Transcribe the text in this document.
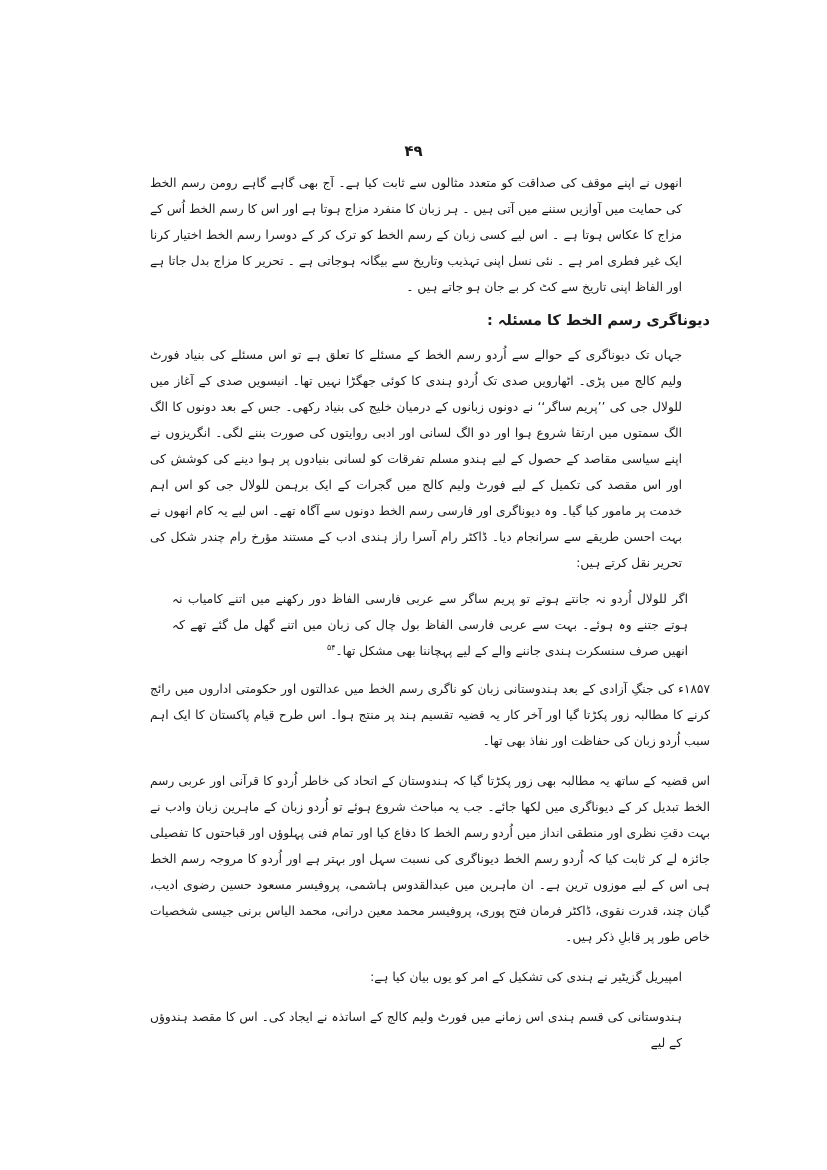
۴۹

انھوں نے اپنے موقف کی صداقت کو متعدد مثالوں سے ثابت کیا ہے۔ آج بھی گاہے گاہے رومن رسم الخط کی حمایت میں آوازیں سننے میں آتی ہیں ۔ ہر زبان کا منفرد مزاج ہوتا ہے اور اس کا رسم الخط اُس کے مزاج کا عکاس ہوتا ہے ۔ اس لیے کسی زبان کے رسم الخط کو ترک کر کے دوسرا رسم الخط اختیار کرنا ایک غیر فطری امر ہے ۔ نئی نسل اپنی تہذیب وتاریخ سے بیگانہ ہوجاتی ہے ۔ تحریر کا مزاج بدل جاتا ہے اور الفاظ اپنی تاریخ سے کٹ کر بے جان ہو جاتے ہیں ۔

دیوناگری رسم الخط کا مسئلہ :

جہاں تک دیوناگری کے حوالے سے اُردو رسم الخط کے مسئلے کا تعلق ہے تو اس مسئلے کی بنیاد فورٹ ولیم کالج میں پڑی۔ اٹھارویں صدی تک اُردو ہندی کا کوئی جھگڑا نہیں تھا۔ انیسویں صدی کے آغاز میں للولال جی کی ’’پریم ساگر‘‘ نے دونوں زبانوں کے درمیان خلیج کی بنیاد رکھی۔ جس کے بعد دونوں کا الگ الگ سمتوں میں ارتقا شروع ہوا اور دو الگ لسانی اور ادبی روایتوں کی صورت بننے لگی۔ انگریزوں نے اپنے سیاسی مقاصد کے حصول کے لیے ہندو مسلم تفرقات کو لسانی بنیادوں پر ہوا دینے کی کوشش کی اور اس مقصد کی تکمیل کے لیے فورٹ ولیم کالج میں گجرات کے ایک برہمن للولال جی کو اس اہم خدمت پر مامور کیا گیا۔ وہ دیوناگری اور فارسی رسم الخط دونوں سے آگاہ تھے۔ اس لیے یہ کام انھوں نے بہت احسن طریقے سے سرانجام دیا۔ ڈاکٹر رام آسرا راز ہندی ادب کے مستند مؤرخ رام چندر شکل کی تحریر نقل کرتے ہیں:

اگر للولال اُردو نہ جانتے ہوتے تو پریم ساگر سے عربی فارسی الفاظ دور رکھنے میں اتنے کامیاب نہ ہوتے جتنے وہ ہوئے۔ بہت سے عربی فارسی الفاظ بول چال کی زبان میں اتنے گھل مل گئے تھے کہ انھیں صرف سنسکرت ہندی جاننے والے کے لیے پہچاننا بھی مشکل تھا۔$^{۵۴}$

۱۸۵۷ء کی جنگِ آزادی کے بعد ہندوستانی زبان کو ناگری رسم الخط میں عدالتوں اور حکومتی اداروں میں رائج کرنے کا مطالبہ زور پکڑتا گیا اور آخر کار یہ قضیہ تقسیم ہند پر منتج ہوا۔ اس طرح قیام پاکستان کا ایک اہم سبب اُردو زبان کی حفاظت اور نفاذ بھی تھا۔

اس قضیہ کے ساتھ یہ مطالبہ بھی زور پکڑتا گیا کہ ہندوستان کے اتحاد کی خاطر اُردو کا قرآنی اور عربی رسم الخط تبدیل کر کے دیوناگری میں لکھا جائے۔ جب یہ مباحث شروع ہوئے تو اُردو زبان کے ماہرین زبان وادب نے بہت دقتِ نظری اور منطقی انداز میں اُردو رسم الخط کا دفاع کیا اور تمام فنی پہلوؤں اور قباحتوں کا تفصیلی جائزہ لے کر ثابت کیا کہ اُردو رسم الخط دیوناگری کی نسبت سہل اور بہتر ہے اور اُردو کا مروجہ رسم الخط ہی اس کے لیے موزوں ترین ہے۔ ان ماہرین میں عبدالقدوس ہاشمی، پروفیسر مسعود حسین رضوی ادیب، گیان چند، قدرت نقوی، ڈاکٹر فرمان فتح پوری، پروفیسر محمد معین درانی، محمد الیاس برنی جیسی شخصیات خاص طور پر قابلِ ذکر ہیں۔

امپیریل گزیٹیر نے ہندی کی تشکیل کے امر کو یوں بیان کیا ہے:

ہندوستانی کی قسم ہندی اس زمانے میں فورٹ ولیم کالج کے اساتذہ نے ایجاد کی۔ اس کا مقصد ہندوؤں کے لیے
